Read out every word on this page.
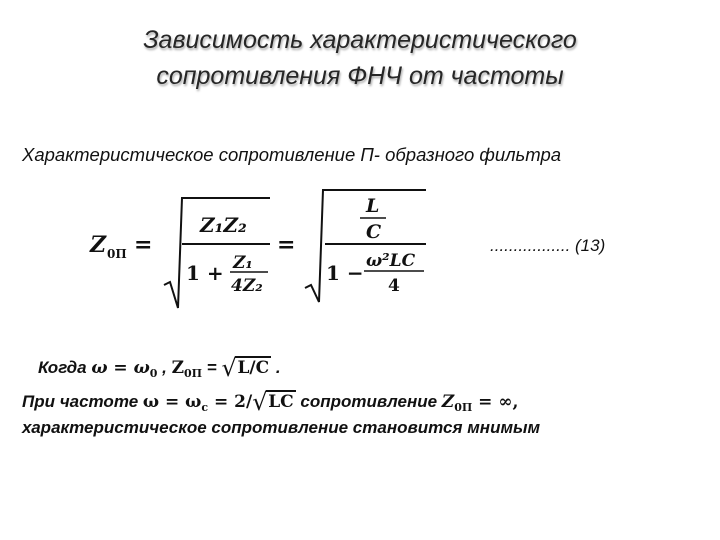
Зависимость характеристического
сопротивления ФНЧ от частоты
Характеристическое сопротивление П- образного фильтра
Z 0П =
Z₁Z₂
1 + Z₁
4Z₂
=
L
C
1 − ω²LC
4
................. (13)
Когда $\omega = \omega_0$ , $Z_{0П}$ = √ L/C .
При частоте $\omega = \omega_c = 2/$ √ LC сопротивление $Z_{0П}$ = ∞,
характеристическое сопротивление становится мнимым
